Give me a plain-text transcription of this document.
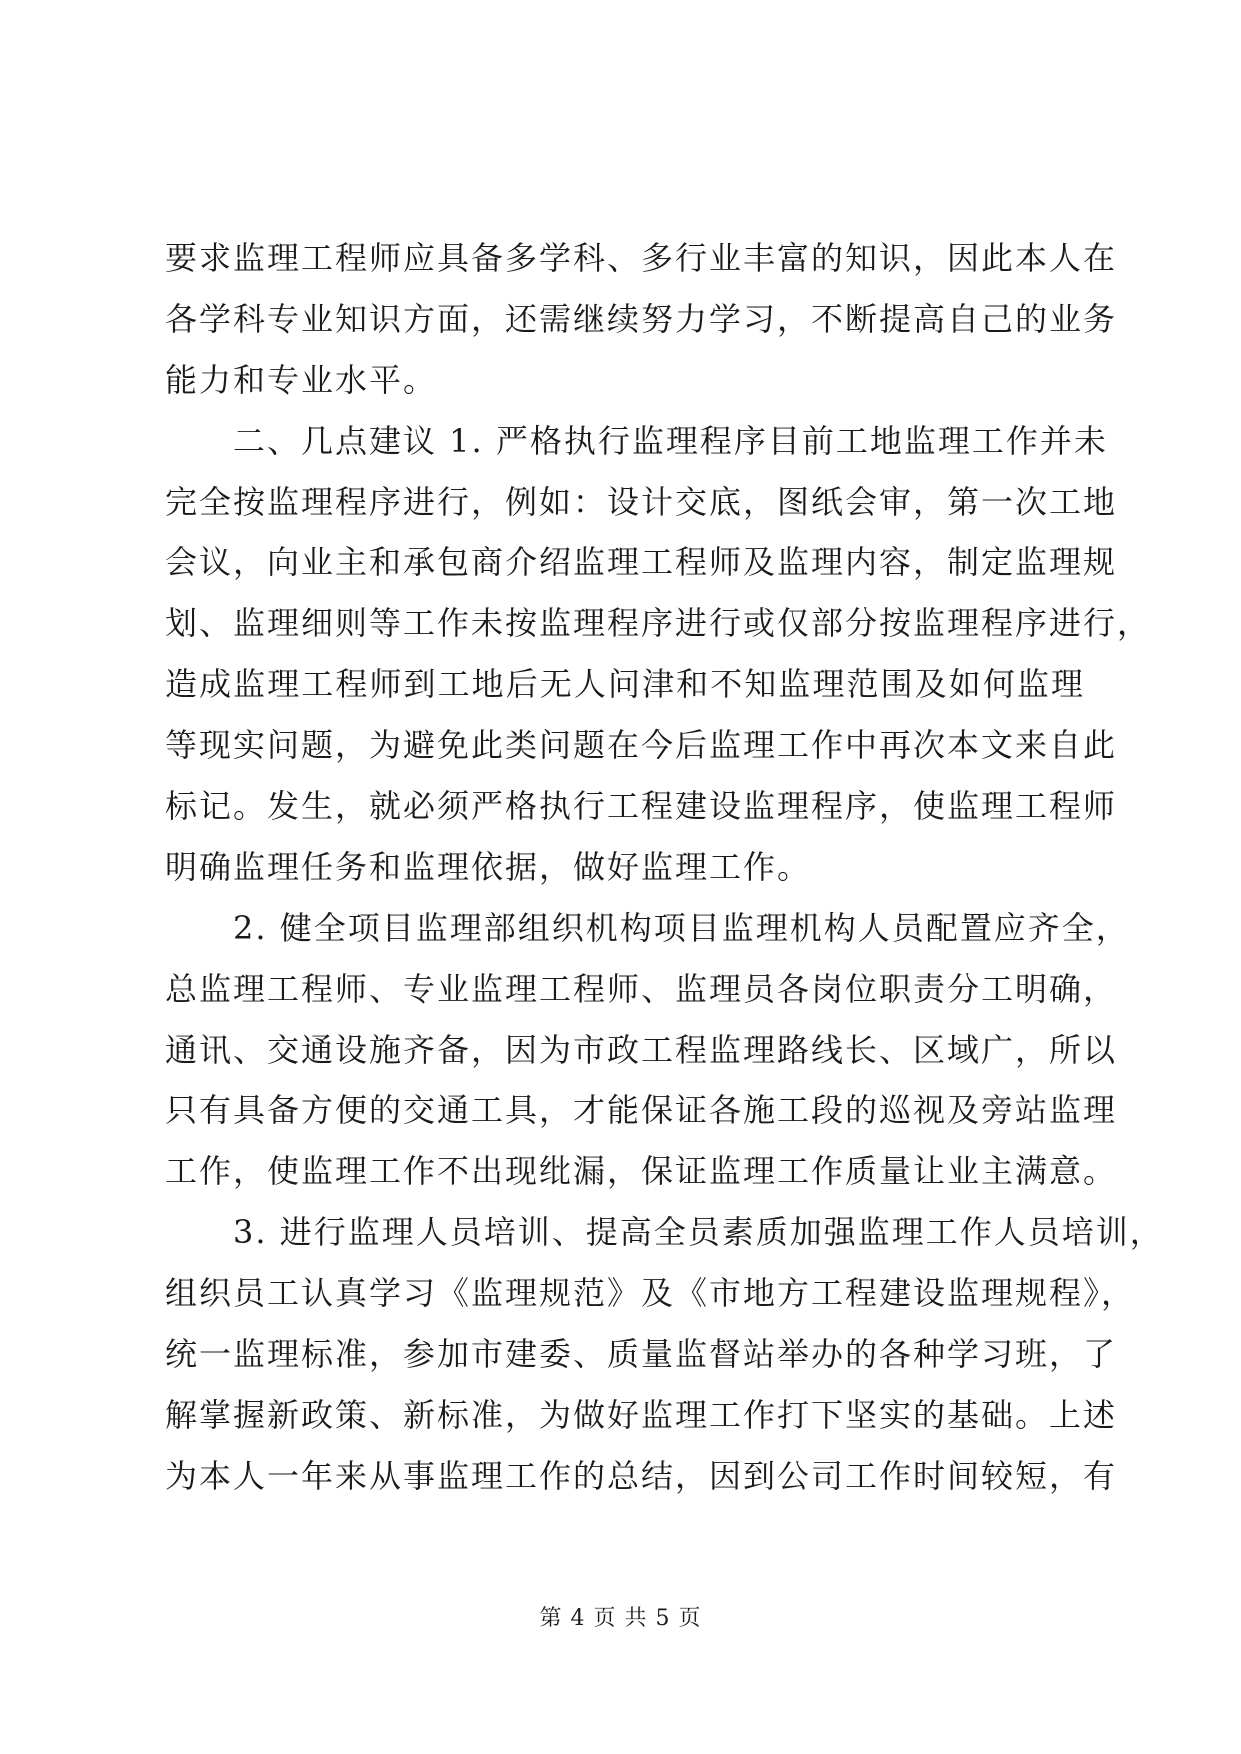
要求监理工程师应具备多学科、多行业丰富的知识，因此本人在
各学科专业知识方面，还需继续努力学习，不断提高自己的业务
能力和专业水平。
　　二、几点建议 1. 严格执行监理程序目前工地监理工作并未
完全按监理程序进行，例如：设计交底，图纸会审，第一次工地
会议，向业主和承包商介绍监理工程师及监理内容，制定监理规
划、监理细则等工作未按监理程序进行或仅部分按监理程序进行，
造成监理工程师到工地后无人问津和不知监理范围及如何监理
等现实问题，为避免此类问题在今后监理工作中再次本文来自此
标记。发生，就必须严格执行工程建设监理程序，使监理工程师
明确监理任务和监理依据，做好监理工作。
　　2. 健全项目监理部组织机构项目监理机构人员配置应齐全，
总监理工程师、专业监理工程师、监理员各岗位职责分工明确，
通讯、交通设施齐备，因为市政工程监理路线长、区域广，所以
只有具备方便的交通工具，才能保证各施工段的巡视及旁站监理
工作，使监理工作不出现纰漏，保证监理工作质量让业主满意。
　　3. 进行监理人员培训、提高全员素质加强监理工作人员培训，
组织员工认真学习《监理规范》及《市地方工程建设监理规程》，
统一监理标准，参加市建委、质量监督站举办的各种学习班，了
解掌握新政策、新标准，为做好监理工作打下坚实的基础。上述
为本人一年来从事监理工作的总结，因到公司工作时间较短，有
第 4 页 共 5 页
